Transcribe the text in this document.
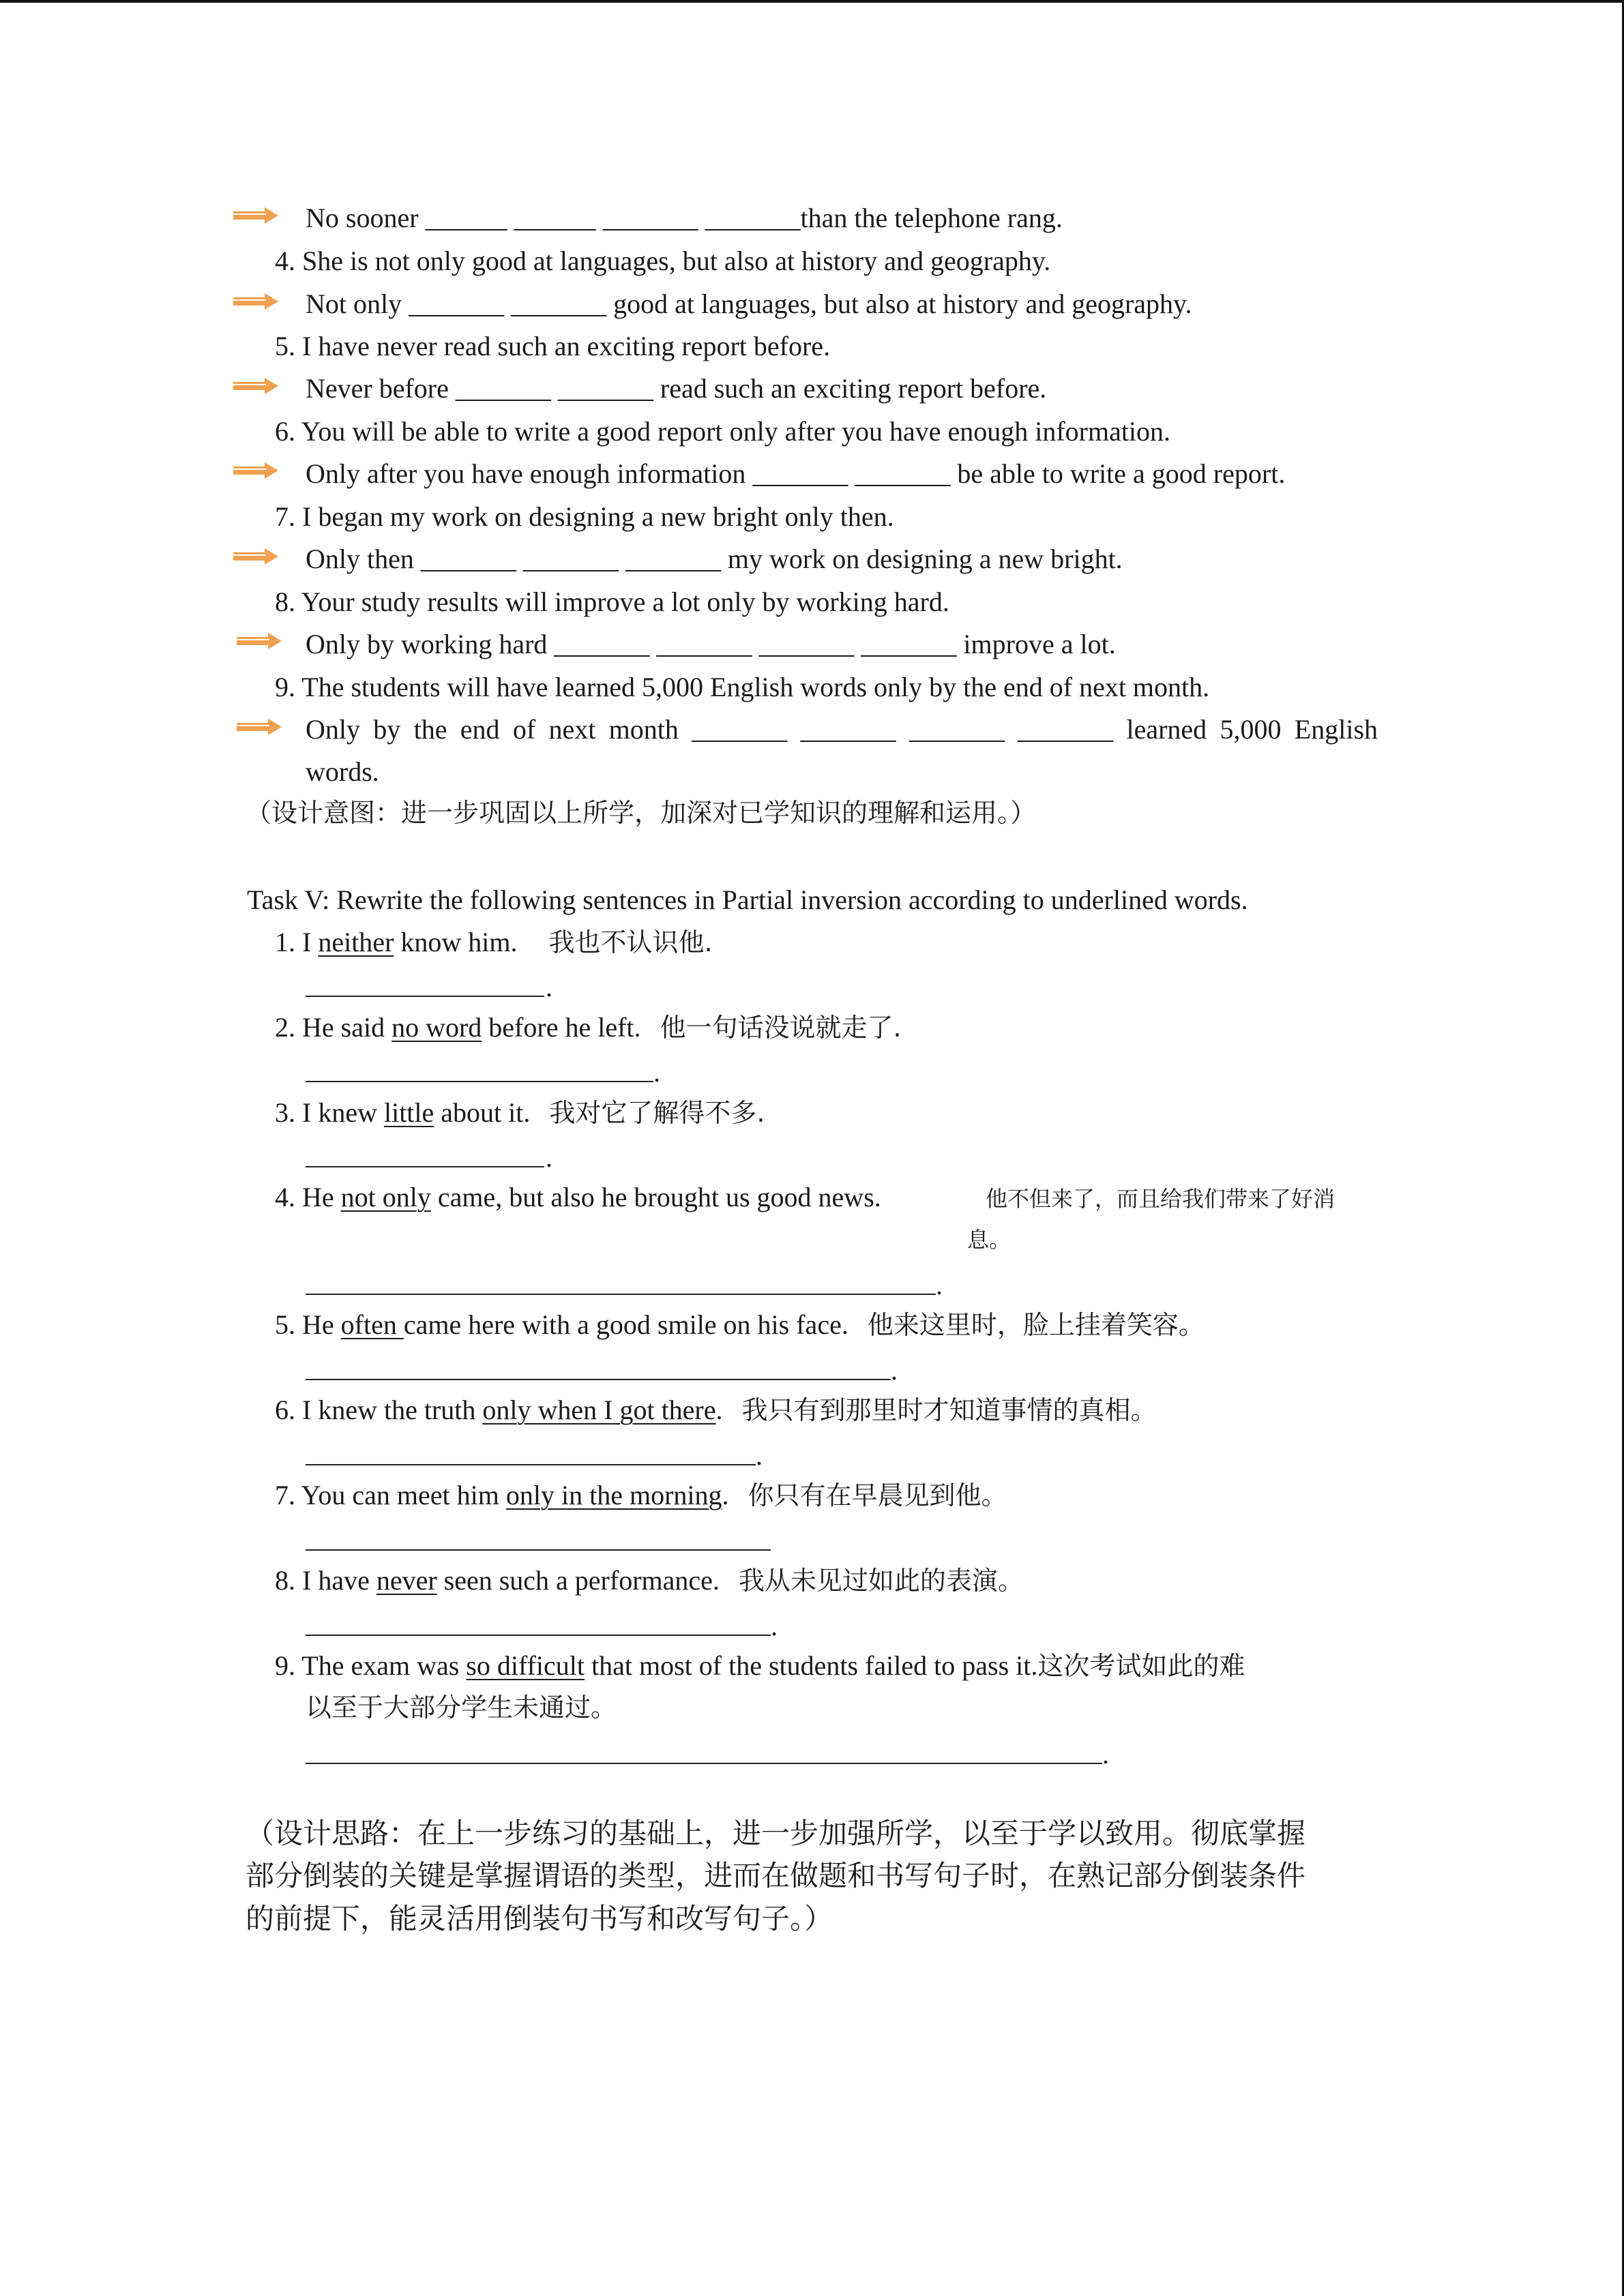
No sooner ______ ______ _______ _______than the telephone rang.
4. She is not only good at languages, but also at history and geography.
Not only _______ _______ good at languages, but also at history and geography.
5. I have never read such an exciting report before.
Never before _______ _______ read such an exciting report before.
6. You will be able to write a good report only after you have enough information.
Only after you have enough information _______ _______ be able to write a good report.
7. I began my work on designing a new bright only then.
Only then _______ _______ _______ my work on designing a new bright.
8. Your study results will improve a lot only by working hard.
Only by working hard _______ _______ _______ _______ improve a lot.
9. The students will have learned 5,000 English words only by the end of next month.
Only by the end of next month _______ _______ _______ _______ learned 5,000 English
words.
（设计意图：进一步巩固以上所学，加深对已学知识的理解和运用。）
Task V: Rewrite the following sentences in Partial inversion according to underlined words.
1. I neither know him. 我也不认识他.
.
2. He said no word before he left. 他一句话没说就走了.
.
3. I knew little about it. 我对它了解得不多.
.
4. He not only came, but also he brought us good news.	他不但来了，而且给我们带来了好消
息。
.
5. He often came here with a good smile on his face. 他来这里时，脸上挂着笑容。
.
6. I knew the truth only when I got there. 我只有到那里时才知道事情的真相。
.
7. You can meet him only in the morning. 你只有在早晨见到他。
8. I have never seen such a performance. 我从未见过如此的表演。
.
9. The exam was so difficult that most of the students failed to pass it.这次考试如此的难
以至于大部分学生未通过。
.
（设计思路：在上一步练习的基础上，进一步加强所学，以至于学以致用。彻底掌握
部分倒装的关键是掌握谓语的类型，进而在做题和书写句子时，在熟记部分倒装条件
的前提下，能灵活用倒装句书写和改写句子。）
